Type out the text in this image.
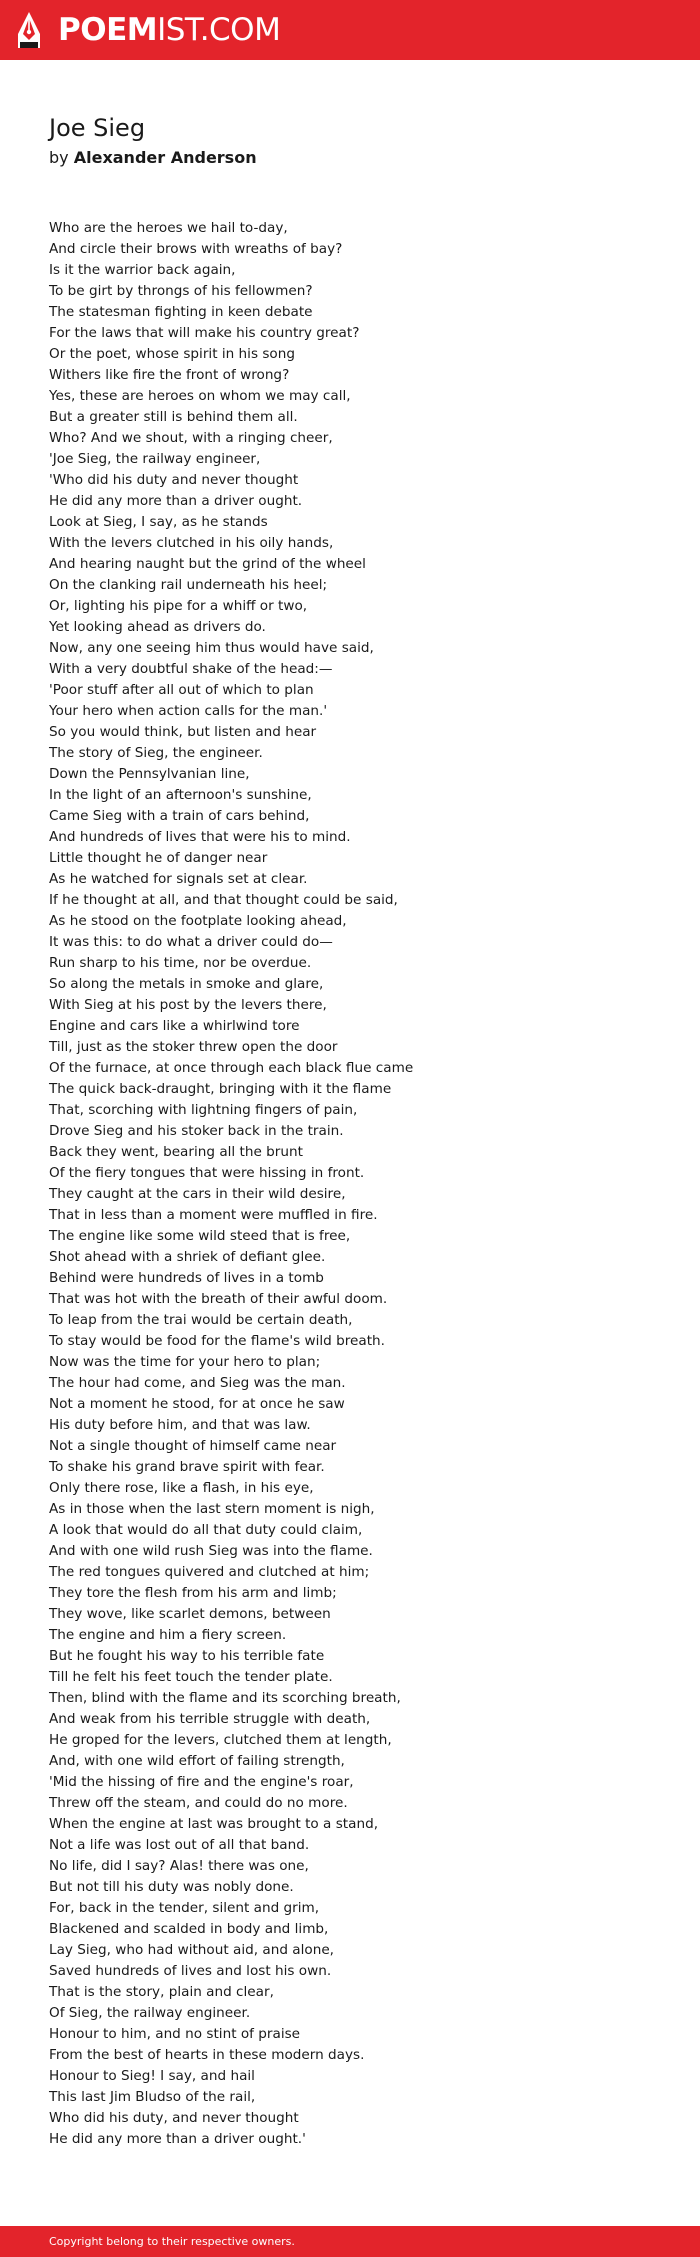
POEMIST.COM
Joe Sieg
by Alexander Anderson
Who are the heroes we hail to-day,
And circle their brows with wreaths of bay?
Is it the warrior back again,
To be girt by throngs of his fellowmen?
The statesman fighting in keen debate
For the laws that will make his country great?
Or the poet, whose spirit in his song
Withers like fire the front of wrong?
Yes, these are heroes on whom we may call,
But a greater still is behind them all.
Who? And we shout, with a ringing cheer,
'Joe Sieg, the railway engineer,
'Who did his duty and never thought
He did any more than a driver ought.
Look at Sieg, I say, as he stands
With the levers clutched in his oily hands,
And hearing naught but the grind of the wheel
On the clanking rail underneath his heel;
Or, lighting his pipe for a whiff or two,
Yet looking ahead as drivers do.
Now, any one seeing him thus would have said,
With a very doubtful shake of the head:—
'Poor stuff after all out of which to plan
Your hero when action calls for the man.'
So you would think, but listen and hear
The story of Sieg, the engineer.
Down the Pennsylvanian line,
In the light of an afternoon's sunshine,
Came Sieg with a train of cars behind,
And hundreds of lives that were his to mind.
Little thought he of danger near
As he watched for signals set at clear.
If he thought at all, and that thought could be said,
As he stood on the footplate looking ahead,
It was this: to do what a driver could do—
Run sharp to his time, nor be overdue.
So along the metals in smoke and glare,
With Sieg at his post by the levers there,
Engine and cars like a whirlwind tore
Till, just as the stoker threw open the door
Of the furnace, at once through each black flue came
The quick back-draught, bringing with it the flame
That, scorching with lightning fingers of pain,
Drove Sieg and his stoker back in the train.
Back they went, bearing all the brunt
Of the fiery tongues that were hissing in front.
They caught at the cars in their wild desire,
That in less than a moment were muffled in fire.
The engine like some wild steed that is free,
Shot ahead with a shriek of defiant glee.
Behind were hundreds of lives in a tomb
That was hot with the breath of their awful doom.
To leap from the trai would be certain death,
To stay would be food for the flame's wild breath.
Now was the time for your hero to plan;
The hour had come, and Sieg was the man.
Not a moment he stood, for at once he saw
His duty before him, and that was law.
Not a single thought of himself came near
To shake his grand brave spirit with fear.
Only there rose, like a flash, in his eye,
As in those when the last stern moment is nigh,
A look that would do all that duty could claim,
And with one wild rush Sieg was into the flame.
The red tongues quivered and clutched at him;
They tore the flesh from his arm and limb;
They wove, like scarlet demons, between
The engine and him a fiery screen.
But he fought his way to his terrible fate
Till he felt his feet touch the tender plate.
Then, blind with the flame and its scorching breath,
And weak from his terrible struggle with death,
He groped for the levers, clutched them at length,
And, with one wild effort of failing strength,
'Mid the hissing of fire and the engine's roar,
Threw off the steam, and could do no more.
When the engine at last was brought to a stand,
Not a life was lost out of all that band.
No life, did I say? Alas! there was one,
But not till his duty was nobly done.
For, back in the tender, silent and grim,
Blackened and scalded in body and limb,
Lay Sieg, who had without aid, and alone,
Saved hundreds of lives and lost his own.
That is the story, plain and clear,
Of Sieg, the railway engineer.
Honour to him, and no stint of praise
From the best of hearts in these modern days.
Honour to Sieg! I say, and hail
This last Jim Bludso of the rail,
Who did his duty, and never thought
He did any more than a driver ought.'
Copyright belong to their respective owners.
